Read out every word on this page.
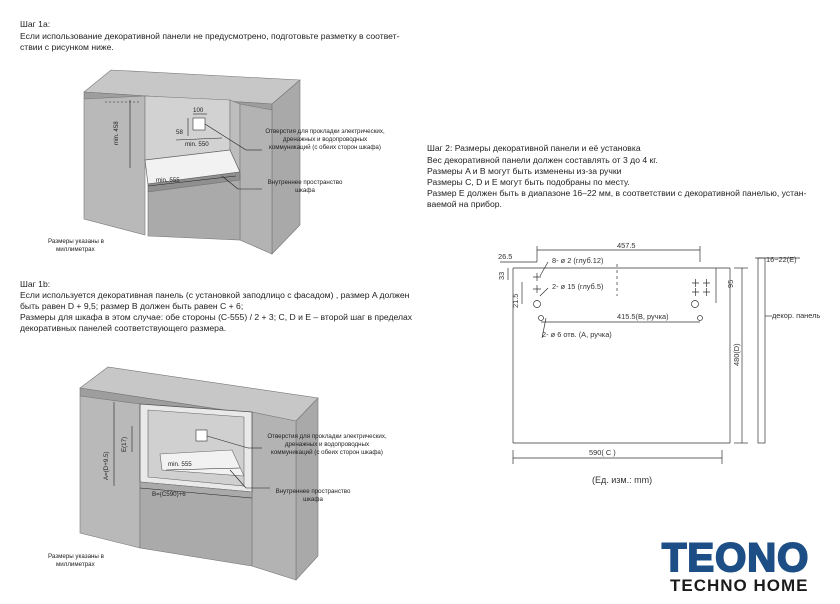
Шаг 1a:
Если использование декоративной панели не предусмотрено, подготовьте разметку в соответ-
ствии с рисунком ниже.
Шаг 1b:
Если используется декоративная панель (с установкой заподлицо с фасадом) , размер A должен
быть равен D + 9,5; размер B должен быть равен C + 6;
Размеры для шкафа в этом случае: обе стороны (C-555) / 2 + 3; C, D и E – второй шаг в пределах
декоративных панелей соответствующего размера.
Шаг 2: Размеры декоративной панели и её установка
Вес декоративной панели должен составлять от 3 до 4 кг.
Размеры A и B могут быть изменены из-за ручки
Размеры C, D и E могут быть подобраны по месту.
Размер E должен быть в диапазоне 16–22 мм, в соответствии с декоративной панелью, устан-
ваемой на прибор.
min. 458	58
100
min. 550
min. 555
Отверстия для прокладки электрических,
дренажных и водопроводных
коммуникаций (с обеих сторон шкафа)
Внутреннее пространство
шкафа
Размеры указаны в
миллиметрах
A=(D+9.5)
E(17)
min. 555
B=(C590)+6
Отверстия для прокладки электрических,
дренажных и водопроводных
коммуникаций (с обеих сторон шкафа)
Внутреннее пространство
шкафа
Размеры указаны в
миллиметрах
457.5
26.5
33
21.5
95
8- ø 2 (глуб.12)
2- ø 15 (глуб.5)
415.5(B, ручка)
2- ø 6 отв. (A, ручка)
480(D)
590( C )
16~22(E)
декор. панель
(Ед. изм.: mm)
TEONO
TECHNO HOME
